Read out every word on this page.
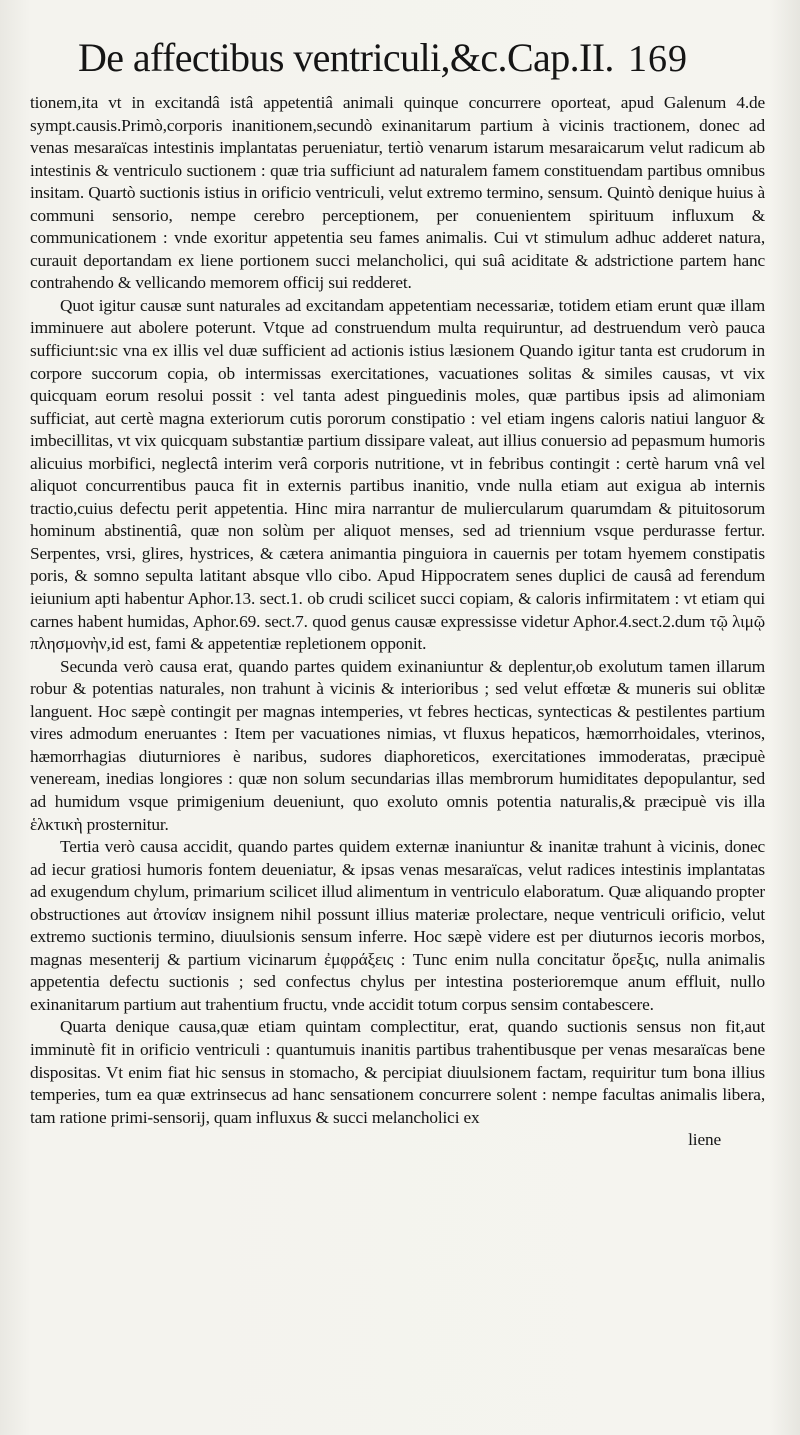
De affectibus ventriculi,&c.Cap.II. 169

tionem,ita vt in excitandâ istâ appetentiâ animali quinque concurrere oporteat, apud Galenum 4.de sympt.causis.Primò,corporis inanitionem,secundò exinanitarum partium à vicinis tractionem, donec ad venas mesaraïcas intestinis implantatas perueniatur, tertiò venarum istarum mesaraicarum velut radicum ab intestinis & ventriculo suctionem : quæ tria sufficiunt ad naturalem famem constituendam partibus omnibus insitam. Quartò suctionis istius in orificio ventriculi, velut extremo termino, sensum. Quintò denique huius à communi sensorio, nempe cerebro perceptionem, per conuenientem spirituum influxum & communicationem : vnde exoritur appetentia seu fames animalis. Cui vt stimulum adhuc adderet natura, curauit deportandam ex liene portionem succi melancholici, qui suâ aciditate & adstrictione partem hanc contrahendo & vellicando memorem officij sui redderet.

Quot igitur causæ sunt naturales ad excitandam appetentiam necessariæ, totidem etiam erunt quæ illam imminuere aut abolere poterunt. Vtque ad construendum multa requiruntur, ad destruendum verò pauca sufficiunt:sic vna ex illis vel duæ sufficient ad actionis istius læsionem Quando igitur tanta est crudorum in corpore succorum copia, ob intermissas exercitationes, vacuationes solitas & similes causas, vt vix quicquam eorum resolui possit : vel tanta adest pinguedinis moles, quæ partibus ipsis ad alimoniam sufficiat, aut certè magna exteriorum cutis pororum constipatio : vel etiam ingens caloris natiui languor & imbecillitas, vt vix quicquam substantiæ partium dissipare valeat, aut illius conuersio ad pepasmum humoris alicuius morbifici, neglectâ interim verâ corporis nutritione, vt in febribus contingit : certè harum vnâ vel aliquot concurrentibus pauca fit in externis partibus inanitio, vnde nulla etiam aut exigua ab internis tractio,cuius defectu perit appetentia. Hinc mira narrantur de muliercularum quarumdam & pituitosorum hominum abstinentiâ, quæ non solùm per aliquot menses, sed ad triennium vsque perdurasse fertur. Serpentes, vrsi, glires, hystrices, & cætera animantia pinguiora in cauernis per totam hyemem constipatis poris, & somno sepulta latitant absque vllo cibo. Apud Hippocratem senes duplici de causâ ad ferendum ieiunium apti habentur Aphor.13. sect.1. ob crudi scilicet succi copiam, & caloris infirmitatem : vt etiam qui carnes habent humidas, Aphor.69. sect.7. quod genus causæ expressisse videtur Aphor.4.sect.2.dum τῷ λιμῷ πλησμονὴν,id est, fami & appetentiæ repletionem opponit.

Secunda verò causa erat, quando partes quidem exinaniuntur & deplentur,ob exolutum tamen illarum robur & potentias naturales, non trahunt à vicinis & interioribus ; sed velut effœtæ & muneris sui oblitæ languent. Hoc sæpè contingit per magnas intemperies, vt febres hecticas, syntecticas & pestilentes partium vires admodum eneruantes : Item per vacuationes nimias, vt fluxus hepaticos, hæmorrhoidales, vterinos, hæmorrhagias diuturniores è naribus, sudores diaphoreticos, exercitationes immoderatas, præcipuè veneream, inedias longiores : quæ non solum secundarias illas membrorum humiditates depopulantur, sed ad humidum vsque primigenium deueniunt, quo exoluto omnis potentia naturalis,& præcipuè vis illa ἑλκτικὴ prosternitur.

Tertia verò causa accidit, quando partes quidem externæ inaniuntur & inanitæ trahunt à vicinis, donec ad iecur gratiosi humoris fontem deueniatur, & ipsas venas mesaraïcas, velut radices intestinis implantatas ad exugendum chylum, primarium scilicet illud alimentum in ventriculo elaboratum. Quæ aliquando propter obstructiones aut ἀτονίαν insignem nihil possunt illius materiæ prolectare, neque ventriculi orificio, velut extremo suctionis termino, diuulsionis sensum inferre. Hoc sæpè videre est per diuturnos iecoris morbos, magnas mesenterij & partium vicinarum ἐμφράξεις : Tunc enim nulla concitatur ὄρεξις, nulla animalis appetentia defectu suctionis ; sed confectus chylus per intestina posterioremque anum effluit, nullo exinanitarum partium aut trahentium fructu, vnde accidit totum corpus sensim contabescere.

Quarta denique causa,quæ etiam quintam complectitur, erat, quando suctionis sensus non fit,aut imminutè fit in orificio ventriculi : quantumuis inanitis partibus trahentibusque per venas mesaraïcas bene dispositas. Vt enim fiat hic sensus in stomacho, & percipiat diuulsionem factam, requiritur tum bona illius temperies, tum ea quæ extrinsecus ad hanc sensationem concurrere solent : nempe facultas animalis libera, tam ratione primi-sensorij, quam influxus & succi melancholici ex

liene
